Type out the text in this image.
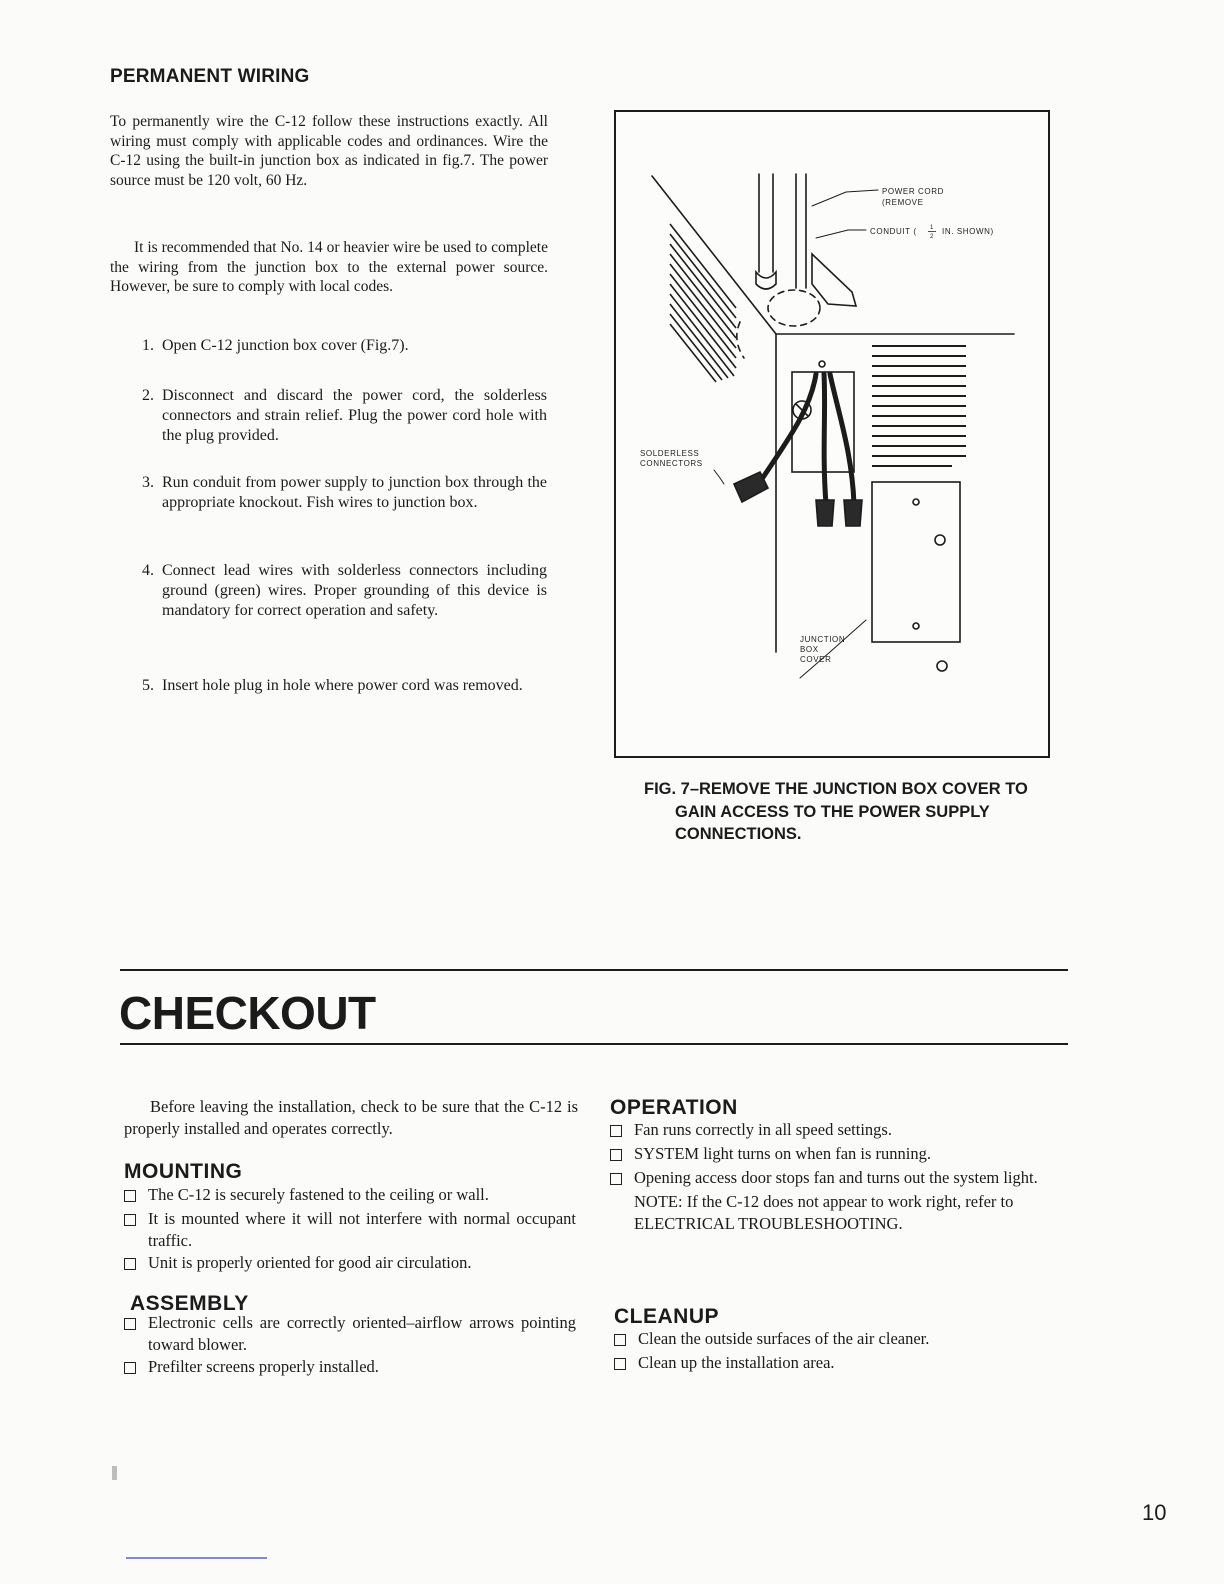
PERMANENT WIRING

To permanently wire the C-12 follow these instructions exactly. All wiring must comply with applicable codes and ordinances. Wire the C-12 using the built-in junction box as indicated in fig.7. The power source must be 120 volt, 60 Hz.

It is recommended that No. 14 or heavier wire be used to complete the wiring from the junction box to the external power source. However, be sure to comply with local codes.

1. Open C-12 junction box cover (Fig.7).
2. Disconnect and discard the power cord, the solderless connectors and strain relief. Plug the power cord hole with the plug provided.
3. Run conduit from power supply to junction box through the appropriate knockout. Fish wires to junction box.
4. Connect lead wires with solderless connectors including ground (green) wires. Proper grounding of this device is mandatory for correct operation and safety.
5. Insert hole plug in hole where power cord was removed.
POWER CORD
(REMOVE
CONDUIT ( 1
2
IN. SHOWN)
SOLDERLESS
CONNECTORS
JUNCTION
BOX
COVER
FIG. 7–REMOVE THE JUNCTION BOX COVER TO
GAIN ACCESS TO THE POWER SUPPLY CONNECTIONS.
CHECKOUT

Before leaving the installation, check to be sure that the C-12 is properly installed and operates correctly.

MOUNTING
The C-12 is securely fastened to the ceiling or wall.
It is mounted where it will not interfere with normal occupant traffic.
Unit is properly oriented for good air circulation.
ASSEMBLY
Electronic cells are correctly oriented–airflow arrows pointing toward blower.
Prefilter screens properly installed.
OPERATION
Fan runs correctly in all speed settings.
SYSTEM light turns on when fan is running.
Opening access door stops fan and turns out the system light.
NOTE: If the C-12 does not appear to work right, refer to ELECTRICAL TROUBLESHOOTING.
CLEANUP
Clean the outside surfaces of the air cleaner.
Clean up the installation area.
10
